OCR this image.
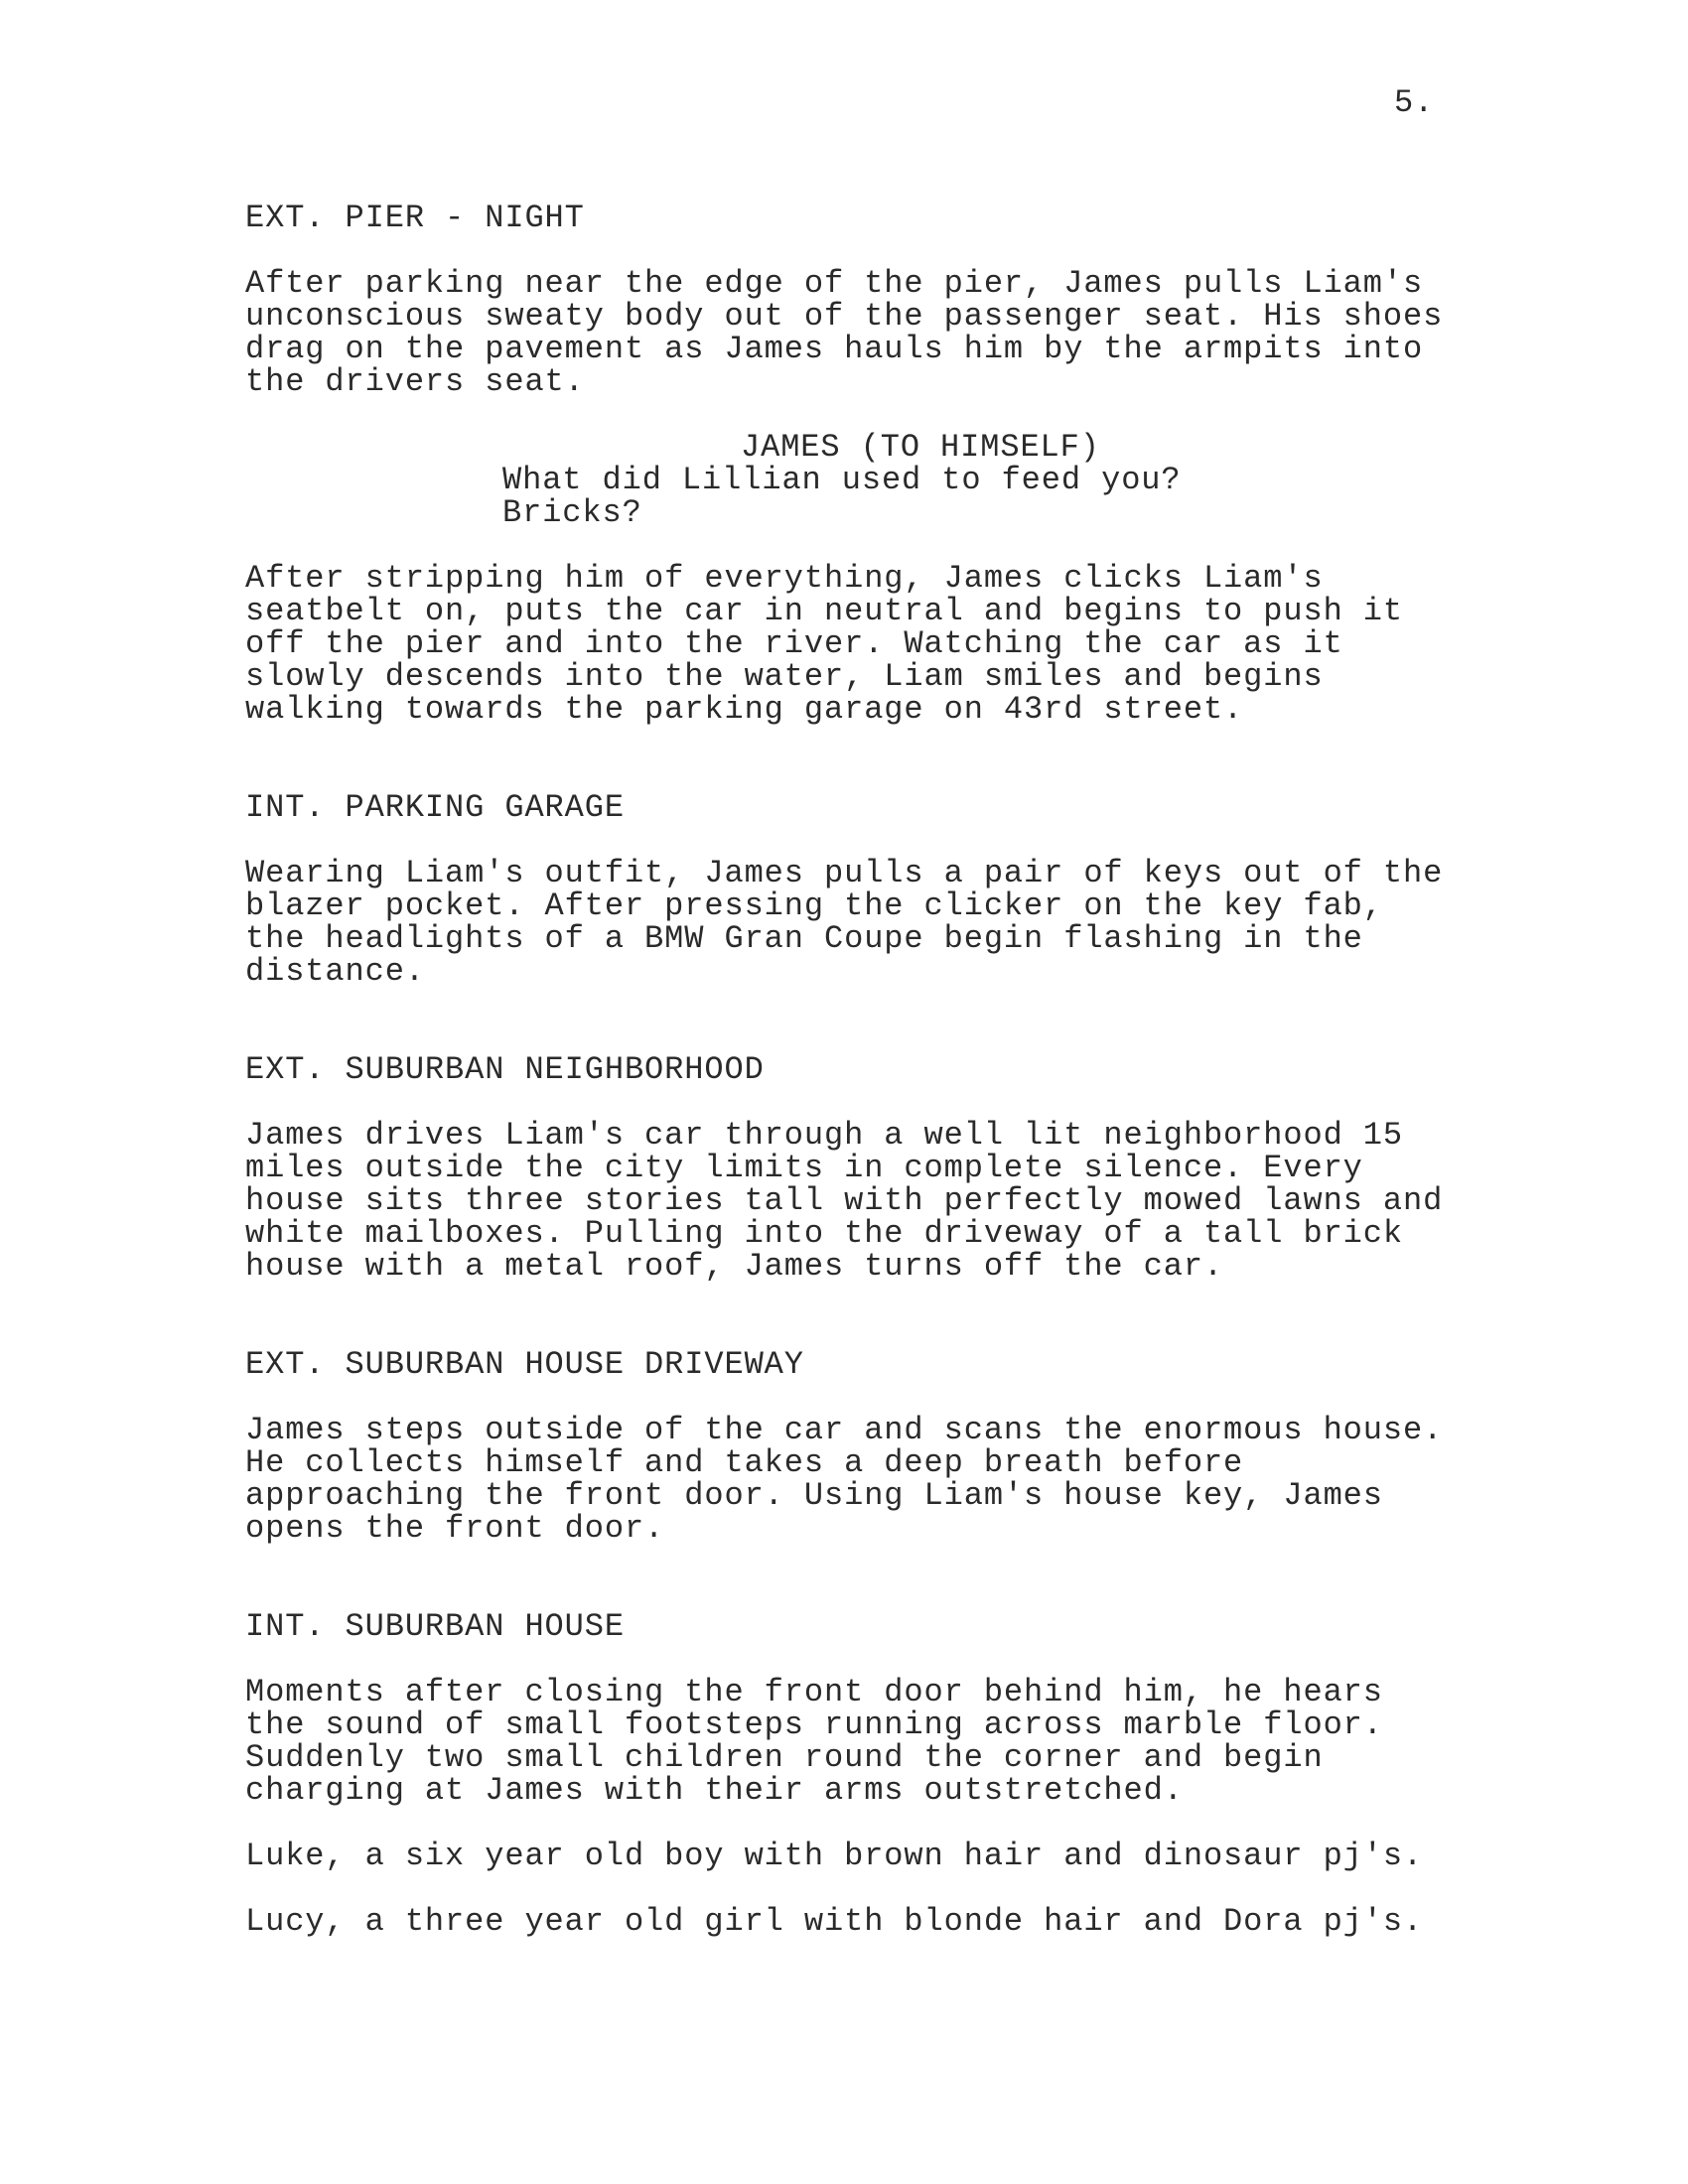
5.
EXT. PIER - NIGHT
After parking near the edge of the pier, James pulls Liam's
unconscious sweaty body out of the passenger seat. His shoes
drag on the pavement as James hauls him by the armpits into
the drivers seat.
JAMES (TO HIMSELF)
What did Lillian used to feed you?
Bricks?
After stripping him of everything, James clicks Liam's
seatbelt on, puts the car in neutral and begins to push it
off the pier and into the river. Watching the car as it
slowly descends into the water, Liam smiles and begins
walking towards the parking garage on 43rd street.
INT. PARKING GARAGE
Wearing Liam's outfit, James pulls a pair of keys out of the
blazer pocket. After pressing the clicker on the key fab,
the headlights of a BMW Gran Coupe begin flashing in the
distance.
EXT. SUBURBAN NEIGHBORHOOD
James drives Liam's car through a well lit neighborhood 15
miles outside the city limits in complete silence. Every
house sits three stories tall with perfectly mowed lawns and
white mailboxes. Pulling into the driveway of a tall brick
house with a metal roof, James turns off the car.
EXT. SUBURBAN HOUSE DRIVEWAY
James steps outside of the car and scans the enormous house.
He collects himself and takes a deep breath before
approaching the front door. Using Liam's house key, James
opens the front door.
INT. SUBURBAN HOUSE
Moments after closing the front door behind him, he hears
the sound of small footsteps running across marble floor.
Suddenly two small children round the corner and begin
charging at James with their arms outstretched.
Luke, a six year old boy with brown hair and dinosaur pj's.
Lucy, a three year old girl with blonde hair and Dora pj's.
